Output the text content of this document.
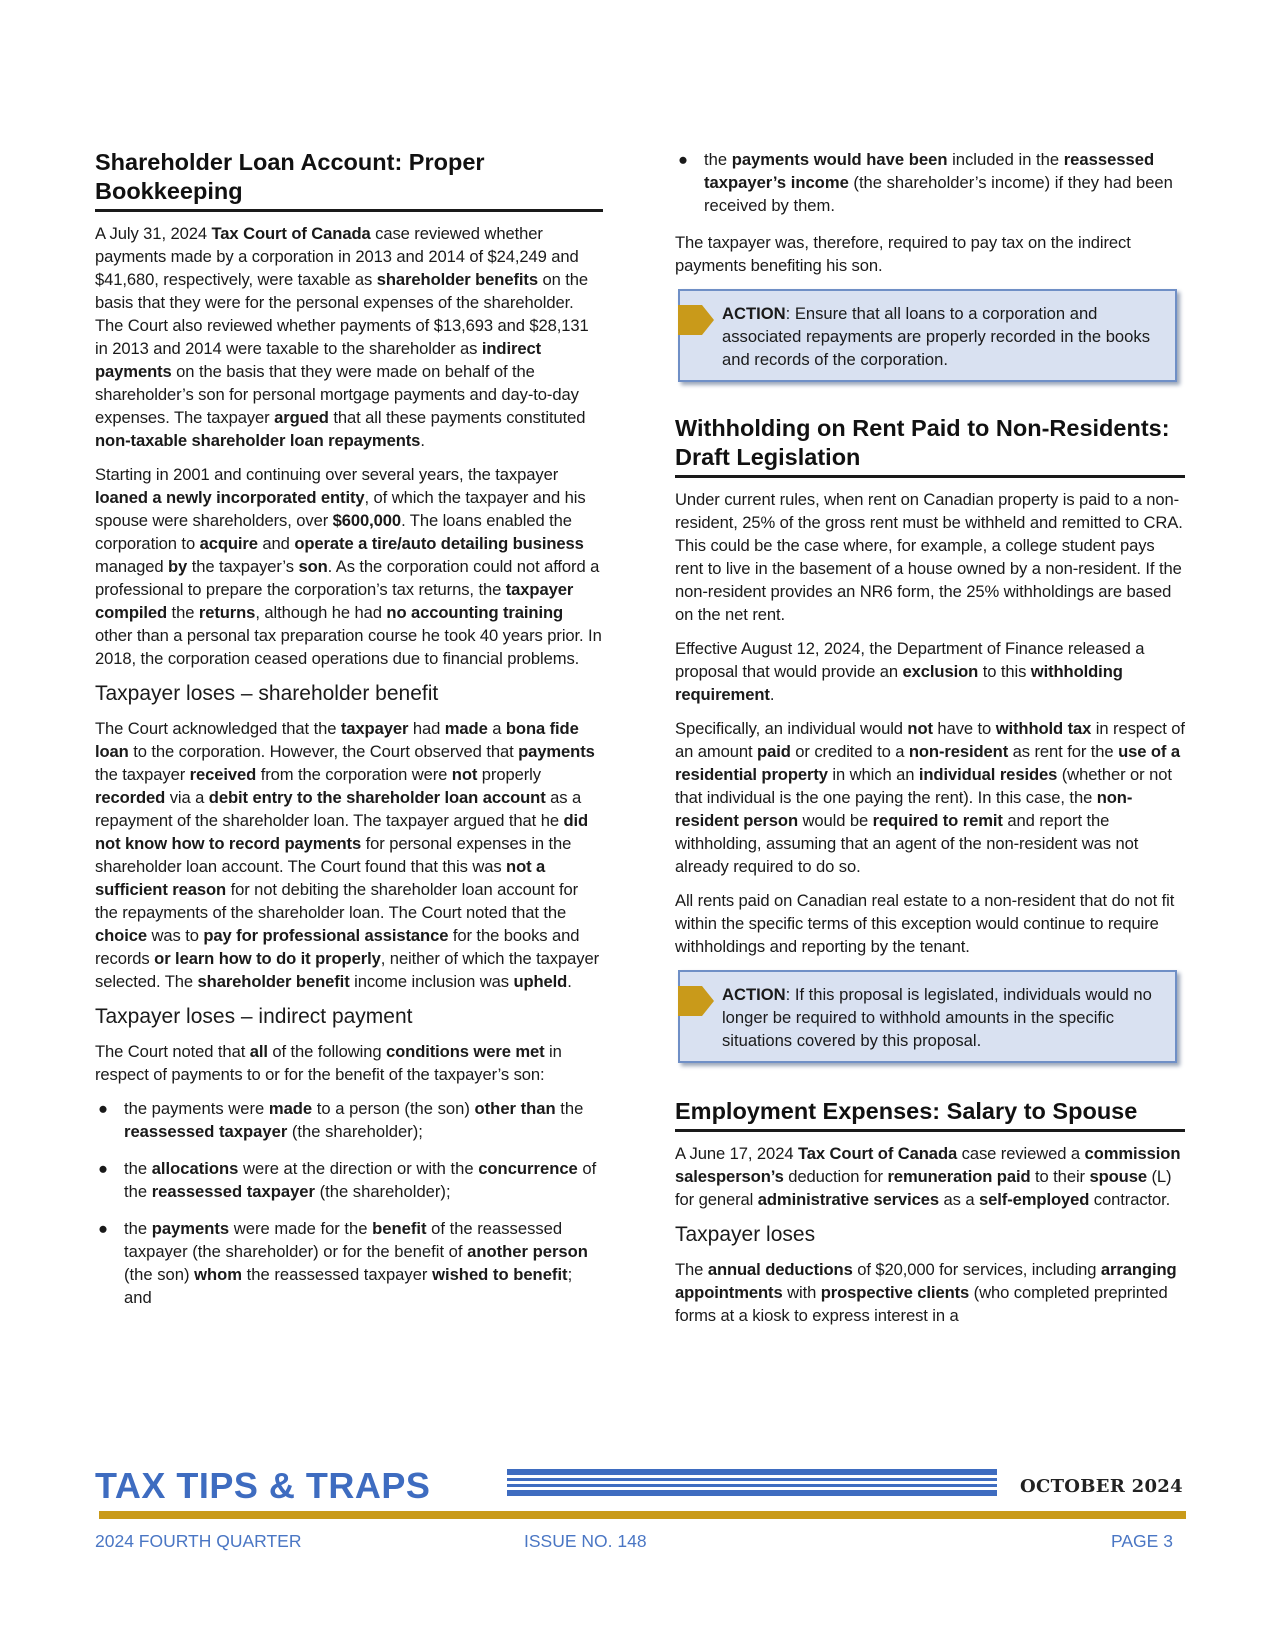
Shareholder Loan Account: Proper Bookkeeping

A July 31, 2024 Tax Court of Canada case reviewed whether payments made by a corporation in 2013 and 2014 of $24,249 and $41,680, respectively, were taxable as shareholder benefits on the basis that they were for the personal expenses of the shareholder. The Court also reviewed whether payments of $13,693 and $28,131 in 2013 and 2014 were taxable to the shareholder as indirect payments on the basis that they were made on behalf of the shareholder’s son for personal mortgage payments and day-to-day expenses. The taxpayer argued that all these payments constituted non-taxable shareholder loan repayments.

Starting in 2001 and continuing over several years, the taxpayer loaned a newly incorporated entity, of which the taxpayer and his spouse were shareholders, over $600,000. The loans enabled the corporation to acquire and operate a tire/auto detailing business managed by the taxpayer’s son. As the corporation could not afford a professional to prepare the corporation’s tax returns, the taxpayer compiled the returns, although he had no accounting training other than a personal tax preparation course he took 40 years prior. In 2018, the corporation ceased operations due to financial problems.

Taxpayer loses – shareholder benefit

The Court acknowledged that the taxpayer had made a bona fide loan to the corporation. However, the Court observed that payments the taxpayer received from the corporation were not properly recorded via a debit entry to the shareholder loan account as a repayment of the shareholder loan. The taxpayer argued that he did not know how to record payments for personal expenses in the shareholder loan account. The Court found that this was not a sufficient reason for not debiting the shareholder loan account for the repayments of the shareholder loan. The Court noted that the choice was to pay for professional assistance for the books and records or learn how to do it properly, neither of which the taxpayer selected. The shareholder benefit income inclusion was upheld.

Taxpayer loses – indirect payment

The Court noted that all of the following conditions were met in respect of payments to or for the benefit of the taxpayer’s son:

● the payments were made to a person (the son) other than the reassessed taxpayer (the shareholder);
● the allocations were at the direction or with the concurrence of the reassessed taxpayer (the shareholder);
● the payments were made for the benefit of the reassessed taxpayer (the shareholder) or for the benefit of another person (the son) whom the reassessed taxpayer wished to benefit; and
● the payments would have been included in the reassessed taxpayer’s income (the shareholder’s income) if they had been received by them.

The taxpayer was, therefore, required to pay tax on the indirect payments benefiting his son.

ACTION: Ensure that all loans to a corporation and associated repayments are properly recorded in the books and records of the corporation.
Withholding on Rent Paid to Non-Residents: Draft Legislation

Under current rules, when rent on Canadian property is paid to a non-resident, 25% of the gross rent must be withheld and remitted to CRA. This could be the case where, for example, a college student pays rent to live in the basement of a house owned by a non-resident. If the non-resident provides an NR6 form, the 25% withholdings are based on the net rent.

Effective August 12, 2024, the Department of Finance released a proposal that would provide an exclusion to this withholding requirement.

Specifically, an individual would not have to withhold tax in respect of an amount paid or credited to a non-resident as rent for the use of a residential property in which an individual resides (whether or not that individual is the one paying the rent). In this case, the non-resident person would be required to remit and report the withholding, assuming that an agent of the non-resident was not already required to do so.

All rents paid on Canadian real estate to a non-resident that do not fit within the specific terms of this exception would continue to require withholdings and reporting by the tenant.

ACTION: If this proposal is legislated, individuals would no longer be required to withhold amounts in the specific situations covered by this proposal.
Employment Expenses: Salary to Spouse

A June 17, 2024 Tax Court of Canada case reviewed a commission salesperson’s deduction for remuneration paid to their spouse (L) for general administrative services as a self-employed contractor.

Taxpayer loses

The annual deductions of $20,000 for services, including arranging appointments with prospective clients (who completed preprinted forms at a kiosk to express interest in a

TAX TIPS & TRAPS	OCTOBER 2024
2024 FOURTH QUARTER	ISSUE NO. 148	PAGE 3
